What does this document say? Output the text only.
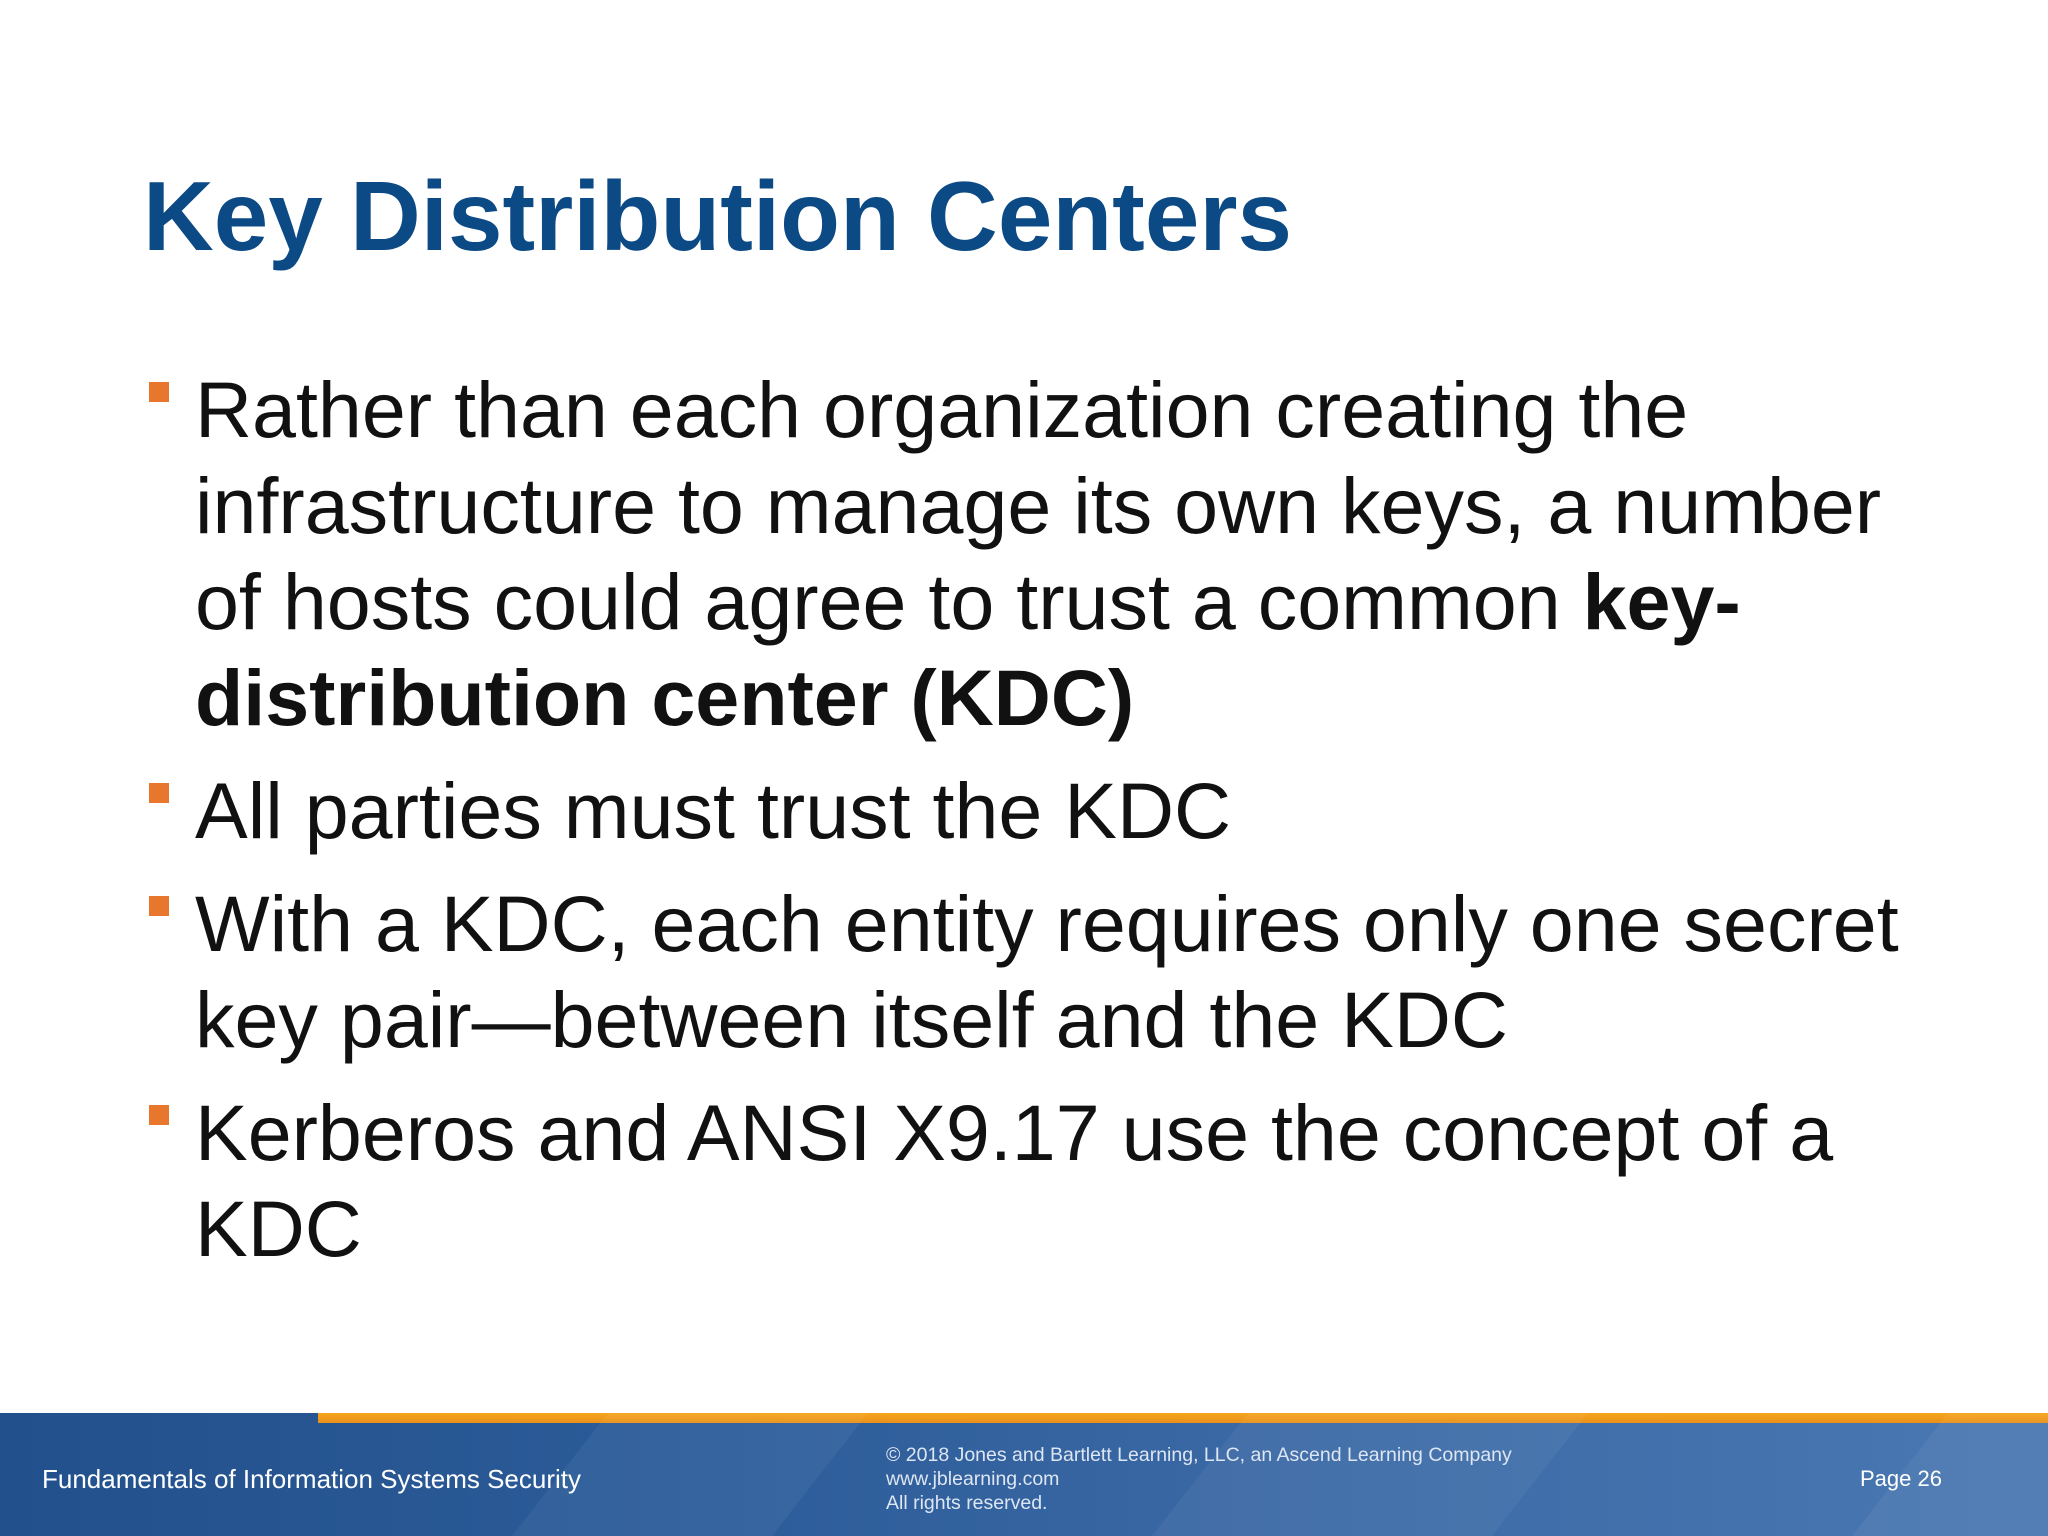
Key Distribution Centers
Rather than each organization creating the infrastructure to manage its own keys, a number of hosts could agree to trust a common key-distribution center (KDC)
All parties must trust the KDC
With a KDC, each entity requires only one secret key pair—between itself and the KDC
Kerberos and ANSI X9.17 use the concept of a KDC
Fundamentals of Information Systems Security
© 2018 Jones and Bartlett Learning, LLC, an Ascend Learning Company
www.jblearning.com
All rights reserved.
Page 26
